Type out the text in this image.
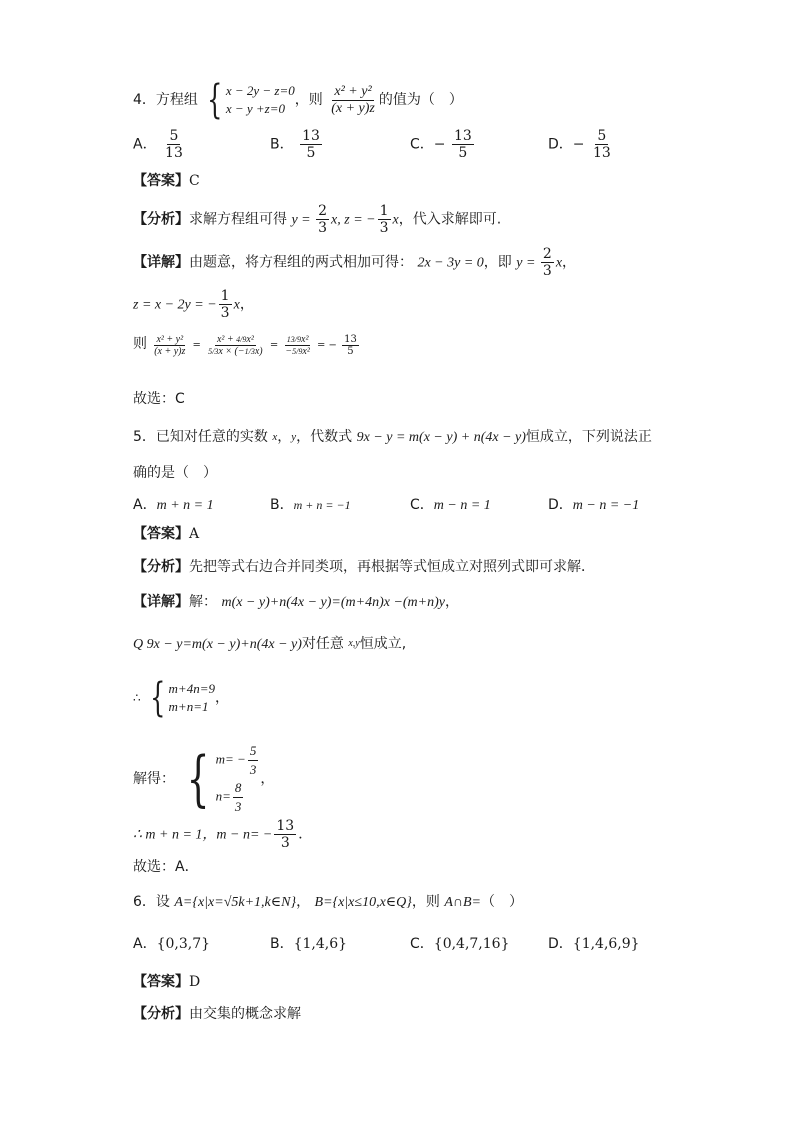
4．方程组 { x − 2y − z=0
x − y +z=0
，则 $\frac{\text{x² + y²}}{(x + y)z}$ 的值为（　）
A． $\frac{5}{13}$	B． $\frac{13}{5}$	C．− $\frac{13}{5}$	D．− $\frac{5}{13}$
【答案】C
【分析】求解方程组可得 $y = \frac{2}{3} x$, z = − $\frac{1}{3}$ x，代入求解即可.
【详解】由题意，将方程组的两式相加可得： 2x − 3y = 0，即 $y = \frac{2}{3}$ x，
z = x − 2y = − $\frac{1}{3}$ x，
则 $\frac{\text{x² + y²}}{(x + y)z} = \frac{\text{x² + 4/9x²}}{5/3x \times (-1/3x)} = \frac{\text{13/9x²}}{\text{−5/9x²}}$ = − $\frac{13}{5}$
故选：C
5．已知对任意的实数 $^x$，$^y$，代数式 9x − y = m(x − y) + n(4x − y)恒成立，下列说法正
确的是（　）
A．m + n = 1	B．m + n = −1	C．m − n = 1	D．m − n = −1
【答案】A
【分析】先把等式右边合并同类项，再根据等式恒成立对照列式即可求解．
【详解】解： m(x − y)+n(4x − y)=(m+4n)x −(m+n)y，
Q 9x − y=m(x − y)+n(4x − y)对任意 $^{x,y}$恒成立,
∴ { m+4n=9
m+n=1
，
解得： { $m= - \frac{5}{3}$
$n= \frac{8}{3}$ ，
∴ m + n = 1，$m - n= - \frac{13}{3}$ ．
故选：A．
6．设 A={x|x=√5k+1,k∈N}， B={x|x≤10,x∈Q}，则 A∩B=（　）
A．{0,3,7}	B．{1,4,6}	C．{0,4,7,16}	D．{1,4,6,9}
【答案】D
【分析】由交集的概念求解
